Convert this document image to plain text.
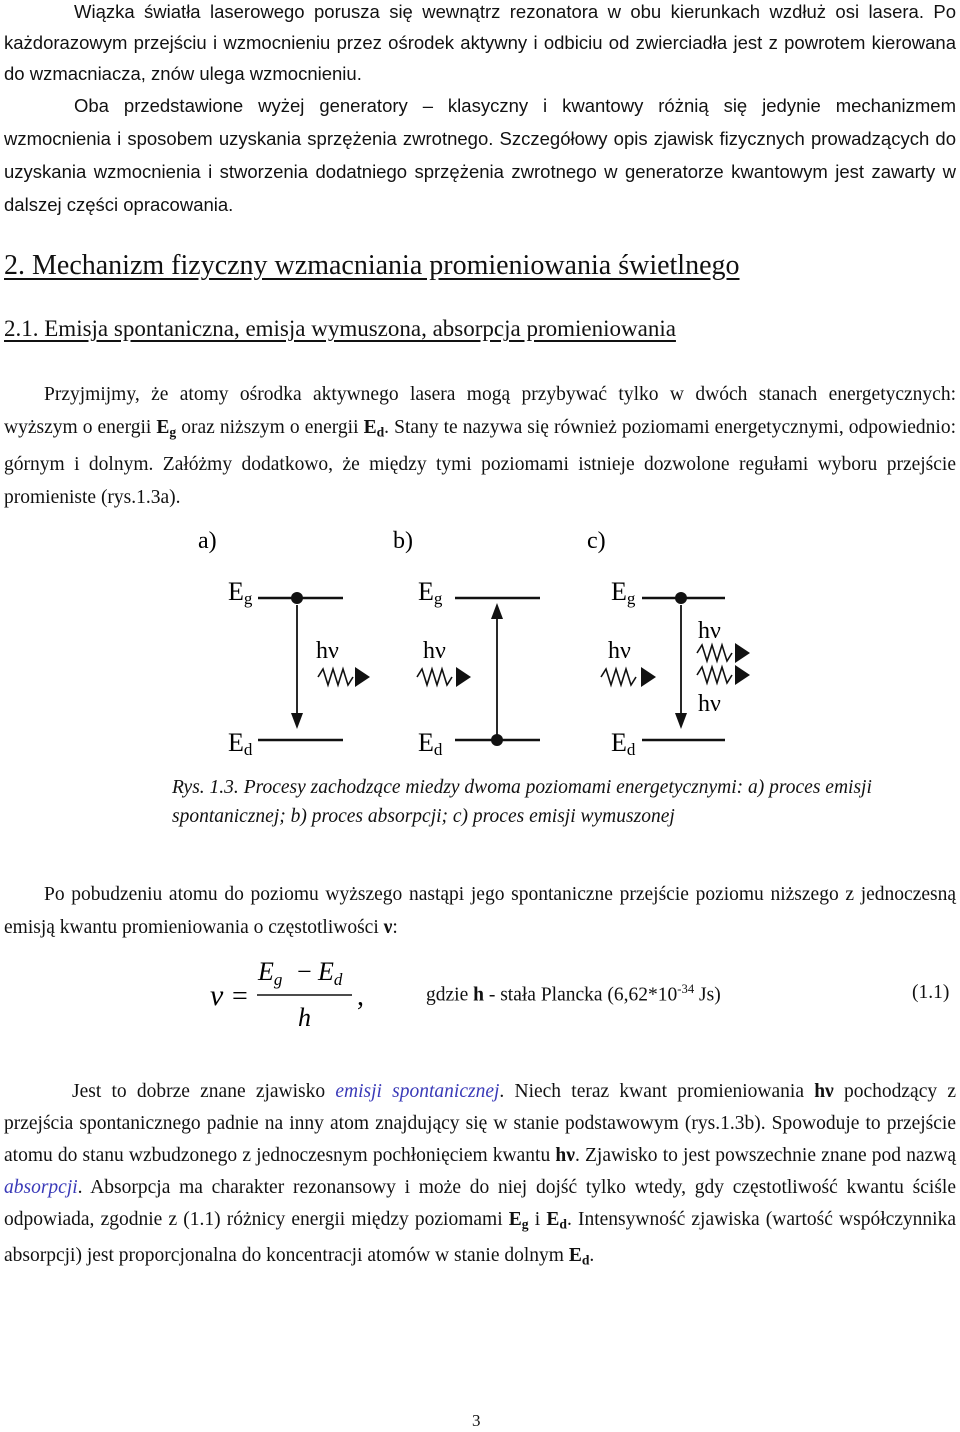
Wiązka światła laserowego porusza się wewnątrz rezonatora w obu kierunkach wzdłuż osi lasera. Po każdorazowym przejściu i wzmocnieniu przez ośrodek aktywny i odbiciu od zwierciadła jest z powrotem kierowana do wzmacniacza, znów ulega wzmocnieniu.

Oba przedstawione wyżej generatory – klasyczny i kwantowy różnią się jedynie mechanizmem wzmocnienia i sposobem uzyskania sprzężenia zwrotnego. Szczegółowy opis zjawisk fizycznych prowadzących do uzyskania wzmocnienia i stworzenia dodatniego sprzężenia zwrotnego w generatorze kwantowym jest zawarty w dalszej części opracowania.

2. Mechanizm fizyczny wzmacniania promieniowania świetlnego
2.1. Emisja spontaniczna, emisja wymuszona, absorpcja promieniowania

Przyjmijmy, że atomy ośrodka aktywnego lasera mogą przybywać tylko w dwóch stanach energetycznych: wyższym o energii $E_g$ oraz niższym o energii $E_d$. Stany te nazywa się również poziomami energetycznymi, odpowiednio: górnym i dolnym. Załóżmy dodatkowo, że między tymi poziomami istnieje dozwolone regułami wyboru przejście promieniste (rys.1.3a).

a)	b)	c)
Eg
hν
Ed
Eg
hν
Ed
Eg
hν
hν
hν
Ed

Rys. 1.3. Procesy zachodzące miedzy dwoma poziomami energetycznymi: a) proces emisji spontanicznej; b) proces absorpcji; c) proces emisji wymuszonej

Po pobudzeniu atomu do poziomu wyższego nastąpi jego spontaniczne przejście poziomu niższego z jednoczesną emisją kwantu promieniowania o częstotliwości ν:

ν =
Eg − Ed
h
,	gdzie h - stała Plancka ($6,62*10^{-34}$ Js)	(1.1)

Jest to dobrze znane zjawisko emisji spontanicznej. Niech teraz kwant promieniowania hν pochodzący z przejścia spontanicznego padnie na inny atom znajdujący się w stanie podstawowym (rys.1.3b). Spowoduje to przejście atomu do stanu wzbudzonego z jednoczesnym pochłonięciem kwantu hν. Zjawisko to jest powszechnie znane pod nazwą absorpcji. Absorpcja ma charakter rezonansowy i może do niej dojść tylko wtedy, gdy częstotliwość kwantu ściśle odpowiada, zgodnie z (1.1) różnicy energii między poziomami $E_g$ i $E_d$. Intensywność zjawiska (wartość współczynnika absorpcji) jest proporcjonalna do koncentracji atomów w stanie dolnym $E_d$.

3
